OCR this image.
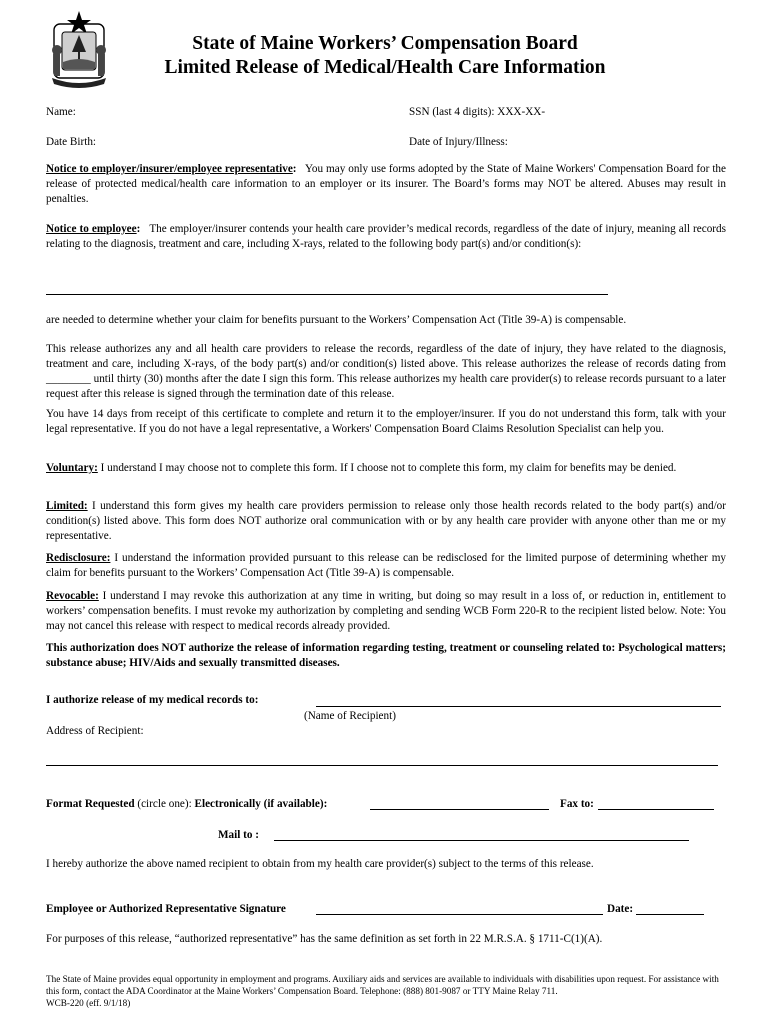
State of Maine Workers’ Compensation Board
Limited Release of Medical/Health Care Information
Name:	SSN (last 4 digits): XXX-XX-
Date Birth:	Date of Injury/Illness:
Notice to employer/insurer/employee representative:   You may only use forms adopted by the State of Maine Workers' Compensation Board for the release of protected medical/health care information to an employer or its insurer. The Board’s forms may NOT be altered. Abuses may result in penalties.
Notice to employee:   The employer/insurer contends your health care provider’s medical records, regardless of the date of injury, meaning all records relating to the diagnosis, treatment and care, including X-rays, related to the following body part(s) and/or condition(s):
are needed to determine whether your claim for benefits pursuant to the Workers’ Compensation Act (Title 39-A) is compensable.
This release authorizes any and all health care providers to release the records, regardless of the date of injury, they have related to the diagnosis, treatment and care, including X-rays, of the body part(s) and/or condition(s) listed above. This release authorizes the release of records dating from ________ until thirty (30) months after the date I sign this form. This release authorizes my health care provider(s) to release records pursuant to a later request after this release is signed through the termination date of this release.
You have 14 days from receipt of this certificate to complete and return it to the employer/insurer. If you do not understand this form, talk with your legal representative. If you do not have a legal representative, a Workers' Compensation Board Claims Resolution Specialist can help you.
Voluntary: I understand I may choose not to complete this form. If I choose not to complete this form, my claim for benefits may be denied.
Limited: I understand this form gives my health care providers permission to release only those health records related to the body part(s) and/or condition(s) listed above. This form does NOT authorize oral communication with or by any health care provider with anyone other than me or my representative.
Redisclosure: I understand the information provided pursuant to this release can be redisclosed for the limited purpose of determining whether my claim for benefits pursuant to the Workers’ Compensation Act (Title 39-A) is compensable.
Revocable: I understand I may revoke this authorization at any time in writing, but doing so may result in a loss of, or reduction in, entitlement to workers’ compensation benefits. I must revoke my authorization by completing and sending WCB Form 220-R to the recipient listed below. Note: You may not cancel this release with respect to medical records already provided.
This authorization does NOT authorize the release of information regarding testing, treatment or counseling related to: Psychological matters; substance abuse; HIV/Aids and sexually transmitted diseases.
I authorize release of my medical records to:
(Name of Recipient)
Address of Recipient:
Format Requested (circle one): Electronically (if available):	Fax to:
Mail to :
I hereby authorize the above named recipient to obtain from my health care provider(s) subject to the terms of this release.
Employee or Authorized Representative Signature	Date:
For purposes of this release, “authorized representative” has the same definition as set forth in 22 M.R.S.A. § 1711-C(1)(A).
The State of Maine provides equal opportunity in employment and programs. Auxiliary aids and services are available to individuals with disabilities upon request. For assistance with this form, contact the ADA Coordinator at the Maine Workers’ Compensation Board. Telephone: (888) 801-9087 or TTY Maine Relay 711.
WCB-220 (eff. 9/1/18)
